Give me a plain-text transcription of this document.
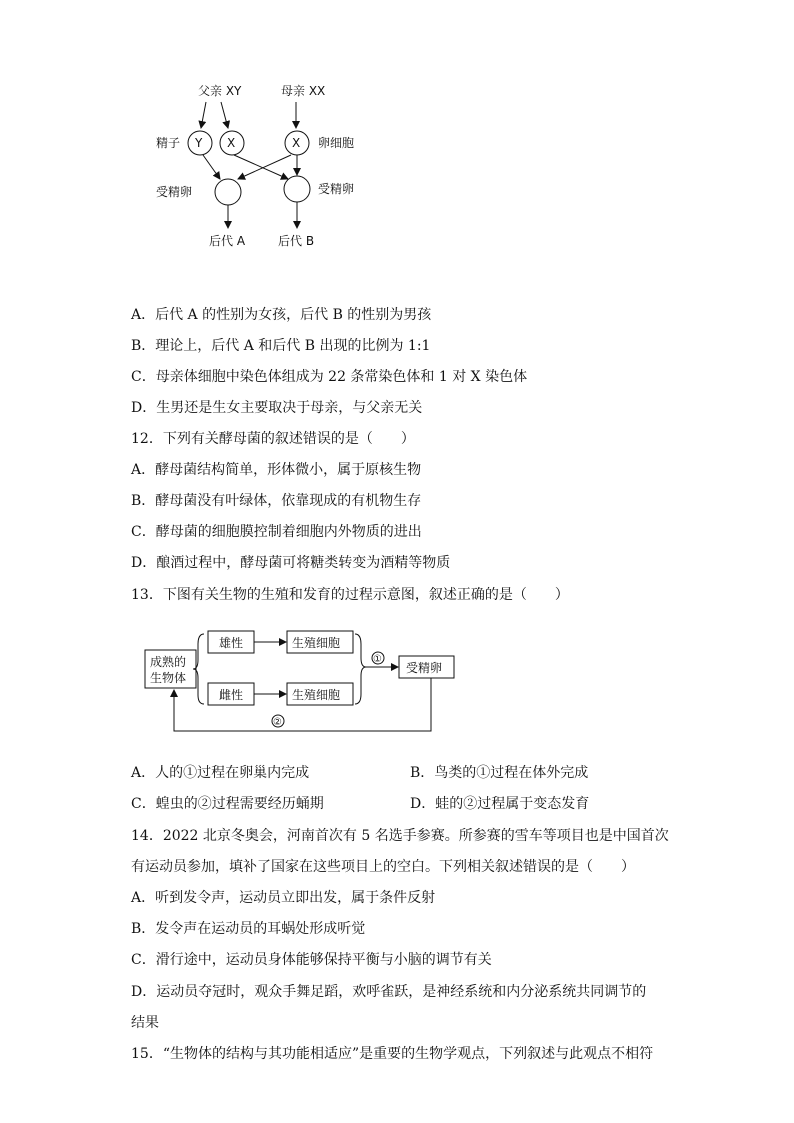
父亲 XY	母亲 XX
精子 Y X	X 卵细胞
受精卵	受精卵
后代 A	后代 B
A．后代 A 的性别为女孩，后代 B 的性别为男孩
B．理论上，后代 A 和后代 B 出现的比例为 1:1
C．母亲体细胞中染色体组成为 22 条常染色体和 1 对 X 染色体
D．生男还是生女主要取决于母亲，与父亲无关
12．下列有关酵母菌的叙述错误的是（　　）
A．酵母菌结构简单，形体微小，属于原核生物
B．酵母菌没有叶绿体，依靠现成的有机物生存
C．酵母菌的细胞膜控制着细胞内外物质的进出
D．酿酒过程中，酵母菌可将糖类转变为酒精等物质
13．下图有关生物的生殖和发育的过程示意图，叙述正确的是（　　）
成熟的
生物体
雄性
雌性
生殖细胞
生殖细胞
①
受精卵
②
A．人的①过程在卵巢内完成	B．鸟类的①过程在体外完成
C．蝗虫的②过程需要经历蛹期	D．蛙的②过程属于变态发育
14．2022 北京冬奥会，河南首次有 5 名选手参赛。所参赛的雪车等项目也是中国首次
有运动员参加，填补了国家在这些项目上的空白。下列相关叙述错误的是（　　）
A．听到发令声，运动员立即出发，属于条件反射
B．发令声在运动员的耳蜗处形成听觉
C．滑行途中，运动员身体能够保持平衡与小脑的调节有关
D．运动员夺冠时，观众手舞足蹈，欢呼雀跃，是神经系统和内分泌系统共同调节的
结果
15．“生物体的结构与其功能相适应”是重要的生物学观点，下列叙述与此观点不相符
